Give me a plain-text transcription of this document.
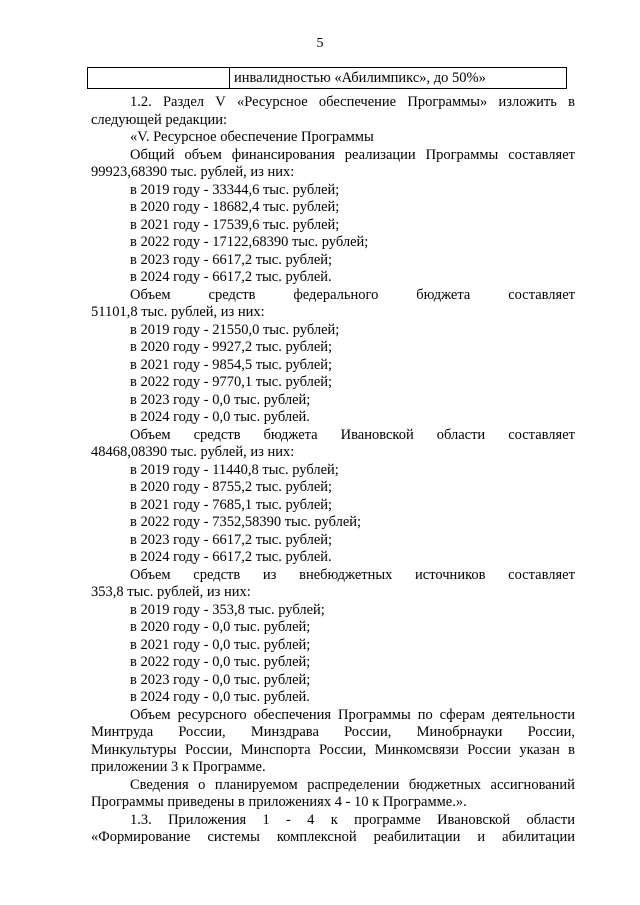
5
	инвалидностью «Абилимпикс», до 50%»
1.2. Раздел V «Ресурсное обеспечение Программы» изложить в
следующей редакции:
«V. Ресурсное обеспечение Программы
Общий объем финансирования реализации Программы составляет
99923,68390 тыс. рублей, из них:
в 2019 году - 33344,6 тыс. рублей;
в 2020 году - 18682,4 тыс. рублей;
в 2021 году - 17539,6 тыс. рублей;
в 2022 году - 17122,68390 тыс. рублей;
в 2023 году - 6617,2 тыс. рублей;
в 2024 году - 6617,2 тыс. рублей.
Объем	средств	федерального	бюджета	составляет
51101,8 тыс. рублей, из них:
в 2019 году - 21550,0 тыс. рублей;
в 2020 году - 9927,2 тыс. рублей;
в 2021 году - 9854,5 тыс. рублей;
в 2022 году - 9770,1 тыс. рублей;
в 2023 году - 0,0 тыс. рублей;
в 2024 году - 0,0 тыс. рублей.
Объем средств бюджета Ивановской области составляет
48468,08390 тыс. рублей, из них:
в 2019 году - 11440,8 тыс. рублей;
в 2020 году - 8755,2 тыс. рублей;
в 2021 году - 7685,1 тыс. рублей;
в 2022 году - 7352,58390 тыс. рублей;
в 2023 году - 6617,2 тыс. рублей;
в 2024 году - 6617,2 тыс. рублей.
Объем средств из внебюджетных источников составляет
353,8 тыс. рублей, из них:
в 2019 году - 353,8 тыс. рублей;
в 2020 году - 0,0 тыс. рублей;
в 2021 году - 0,0 тыс. рублей;
в 2022 году - 0,0 тыс. рублей;
в 2023 году - 0,0 тыс. рублей;
в 2024 году - 0,0 тыс. рублей.
Объем ресурсного обеспечения Программы по сферам деятельности
Минтруда России, Минздрава России, Минобрнауки России,
Минкультуры России, Минспорта России, Минкомсвязи России указан в
приложении 3 к Программе.
Сведения о планируемом распределении бюджетных ассигнований
Программы приведены в приложениях 4 - 10 к Программе.».
1.3. Приложения 1 - 4 к программе Ивановской области
«Формирование системы комплексной реабилитации и абилитации
